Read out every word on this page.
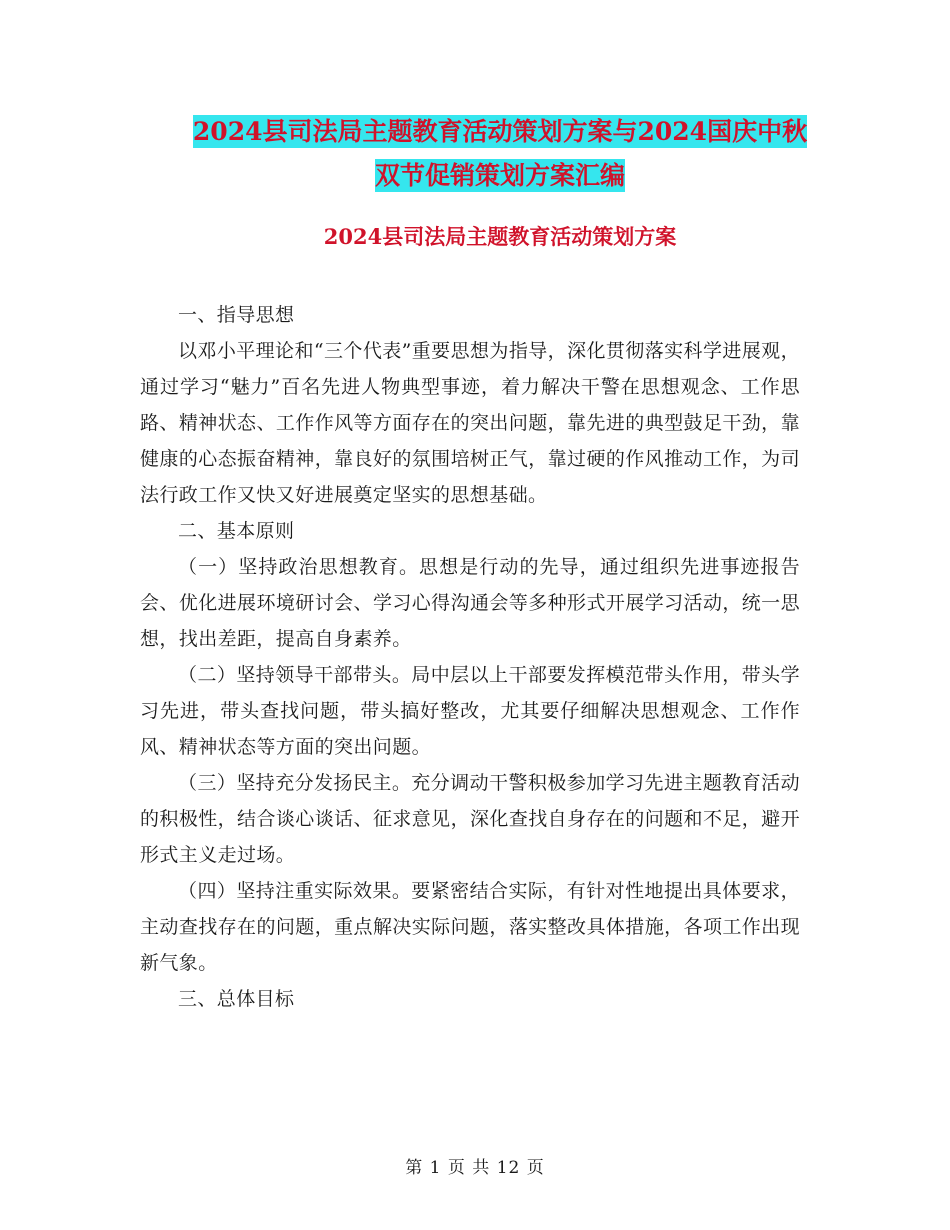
2024县司法局主题教育活动策划方案与2024国庆中秋
双节促销策划方案汇编
2024县司法局主题教育活动策划方案

一、指导思想

以邓小平理论和“三个代表”重要思想为指导，深化贯彻落实科学进展观，通过学习“魅力”百名先进人物典型事迹，着力解决干警在思想观念、工作思路、精神状态、工作作风等方面存在的突出问题，靠先进的典型鼓足干劲，靠健康的心态振奋精神，靠良好的氛围培树正气，靠过硬的作风推动工作，为司法行政工作又快又好进展奠定坚实的思想基础。

二、基本原则

（一）坚持政治思想教育。思想是行动的先导，通过组织先进事迹报告会、优化进展环境研讨会、学习心得沟通会等多种形式开展学习活动，统一思想，找出差距，提高自身素养。

（二）坚持领导干部带头。局中层以上干部要发挥模范带头作用，带头学习先进，带头查找问题，带头搞好整改，尤其要仔细解决思想观念、工作作风、精神状态等方面的突出问题。

（三）坚持充分发扬民主。充分调动干警积极参加学习先进主题教育活动的积极性，结合谈心谈话、征求意见，深化查找自身存在的问题和不足，避开形式主义走过场。

（四）坚持注重实际效果。要紧密结合实际，有针对性地提出具体要求，主动查找存在的问题，重点解决实际问题，落实整改具体措施，各项工作出现新气象。

三、总体目标

第 1 页 共 12 页
